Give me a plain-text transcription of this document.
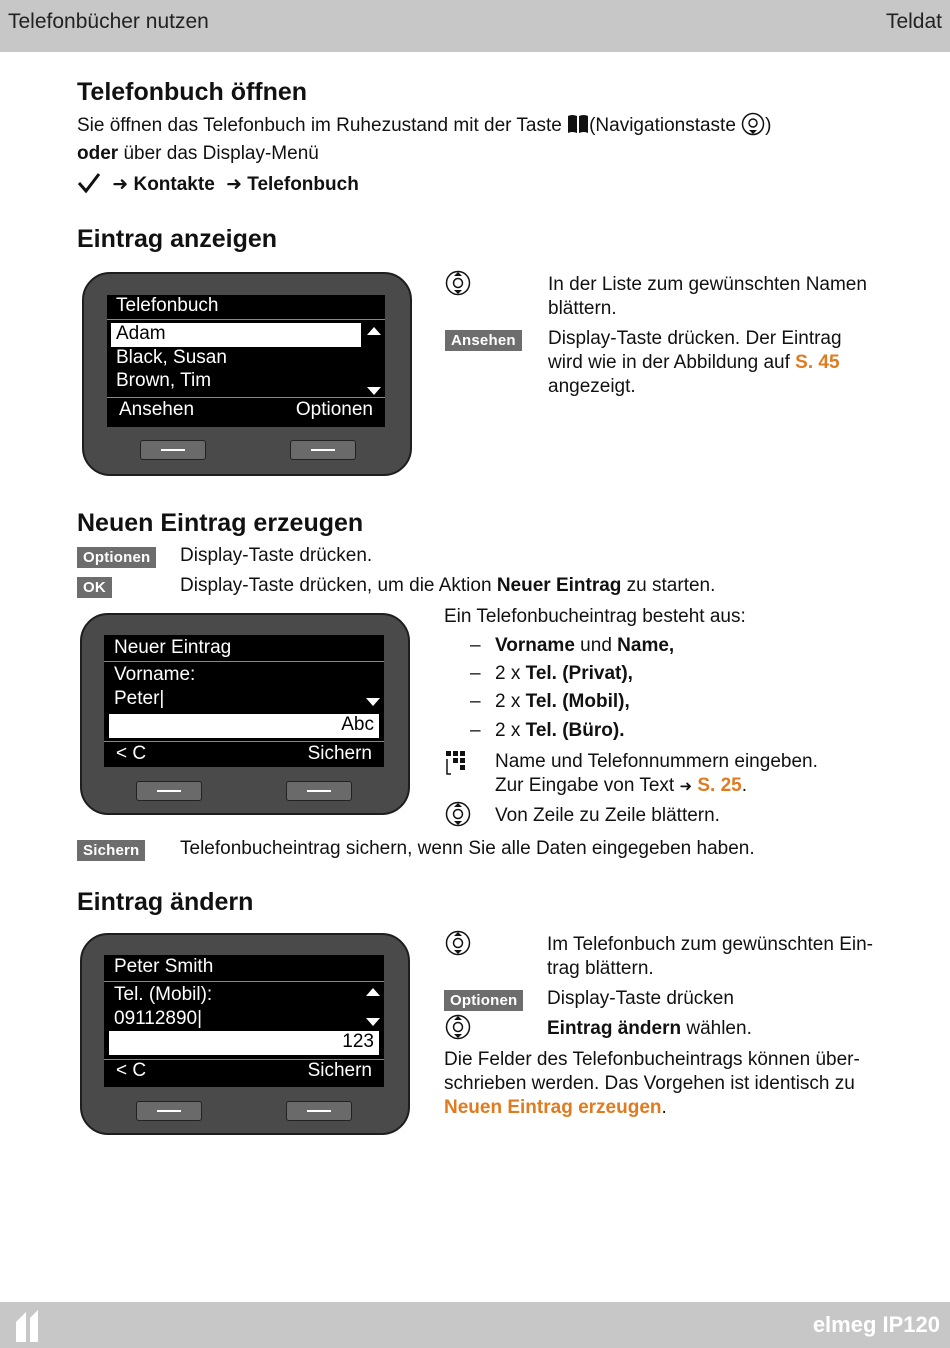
Telefonbücher nutzen	Teldat
elmeg IP120
Telefonbuch öffnen
Sie öffnen das Telefonbuch im Ruhezustand mit der Taste (Navigationstaste )
oder über das Display-Menü
➜ Kontakte ➜ Telefonbuch
Eintrag anzeigen
Telefonbuch
Adam
Black, Susan
Brown, Tim
Ansehen	Optionen
In der Liste zum gewünschten Namen
blättern.
Ansehen	Display-Taste drücken. Der Eintrag
wird wie in der Abbildung auf S. 45
angezeigt.
Neuen Eintrag erzeugen
Optionen	Display-Taste drücken.
OK	Display-Taste drücken, um die Aktion Neuer Eintrag zu starten.
Neuer Eintrag
Vorname:
Peter|
Abc
< C	Sichern
Ein Telefonbucheintrag besteht aus:
– Vorname und Name,
– 2 x Tel. (Privat),
– 2 x Tel. (Mobil),
– 2 x Tel. (Büro).
Name und Telefonnummern eingeben.
Zur Eingabe von Text ➜ S. 25.
Von Zeile zu Zeile blättern.
Sichern	Telefonbucheintrag sichern, wenn Sie alle Daten eingegeben haben.
Eintrag ändern
Peter Smith
Tel. (Mobil):
09112890|
123
< C	Sichern
Im Telefonbuch zum gewünschten Ein-
trag blättern.
Optionen	Display-Taste drücken
Eintrag ändern wählen.
Die Felder des Telefonbucheintrags können über-
schrieben werden. Das Vorgehen ist identisch zu
Neuen Eintrag erzeugen.
